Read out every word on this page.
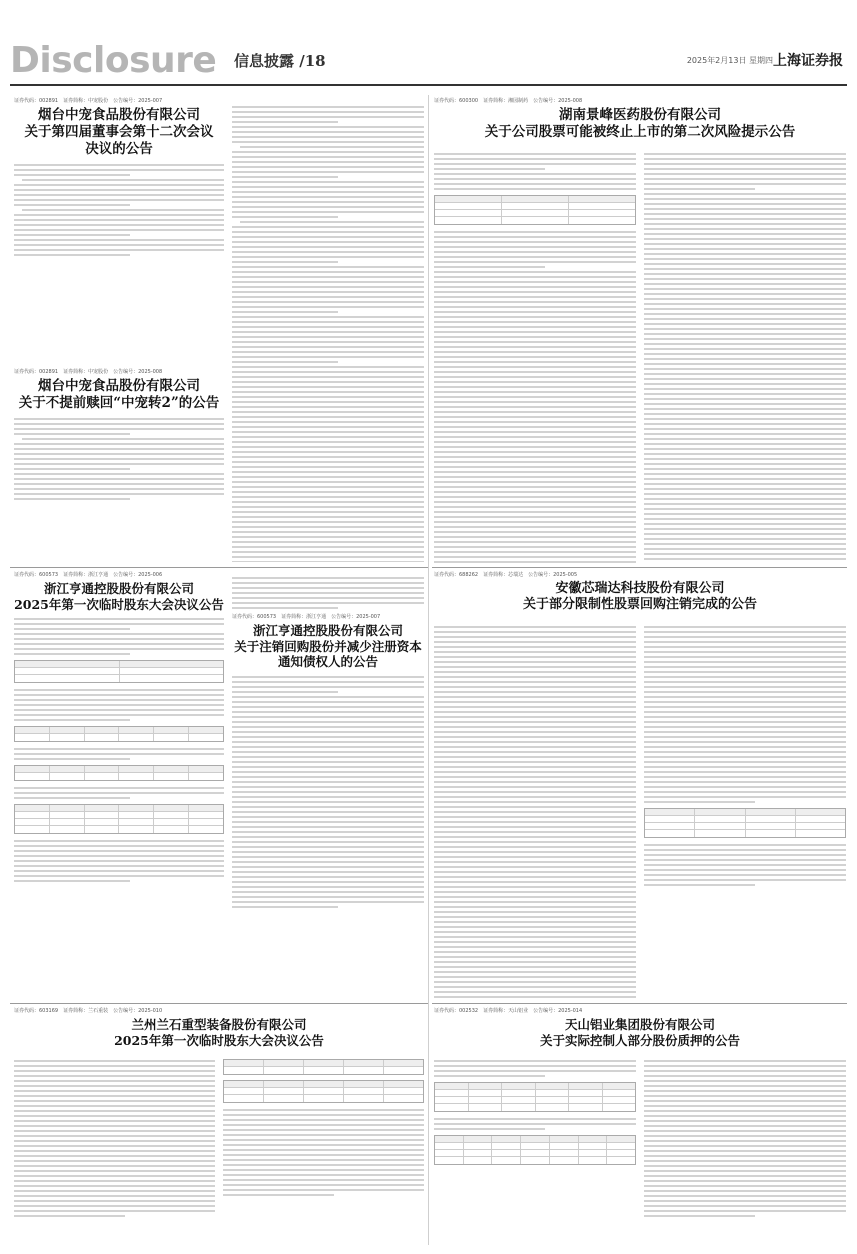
Disclosure 信息披露 /18	2025年2月13日 星期四 上海证券报
证券代码：002891　证券简称：中宠股份　公告编号：2025-007
烟台中宠食品股份有限公司
关于第四届董事会第十二次会议
决议的公告
证券代码：002891　证券简称：中宠股份　公告编号：2025-008
烟台中宠食品股份有限公司
关于不提前赎回“中宠转2”的公告
证券代码：600300　证券简称：湘园制药　公告编号：2025-008
湖南景峰医药股份有限公司
关于公司股票可能被终止上市的第二次风险提示公告
证券代码：600573　证券简称：浙江亨通　公告编号：2025-006
浙江亨通控股股份有限公司
2025年第一次临时股东大会决议公告
证券代码：600573　证券简称：浙江亨通　公告编号：2025-007
浙江亨通控股股份有限公司
关于注销回购股份并减少注册资本
通知债权人的公告
证券代码：688262　证券简称：芯瑞达　公告编号：2025-005
安徽芯瑞达科技股份有限公司
关于部分限制性股票回购注销完成的公告
证券代码：603169　证券简称：兰石重装　公告编号：2025-010
兰州兰石重型装备股份有限公司
2025年第一次临时股东大会决议公告
证券代码：002532　证券简称：天山铝业　公告编号：2025-014
天山铝业集团股份有限公司
关于实际控制人部分股份质押的公告
